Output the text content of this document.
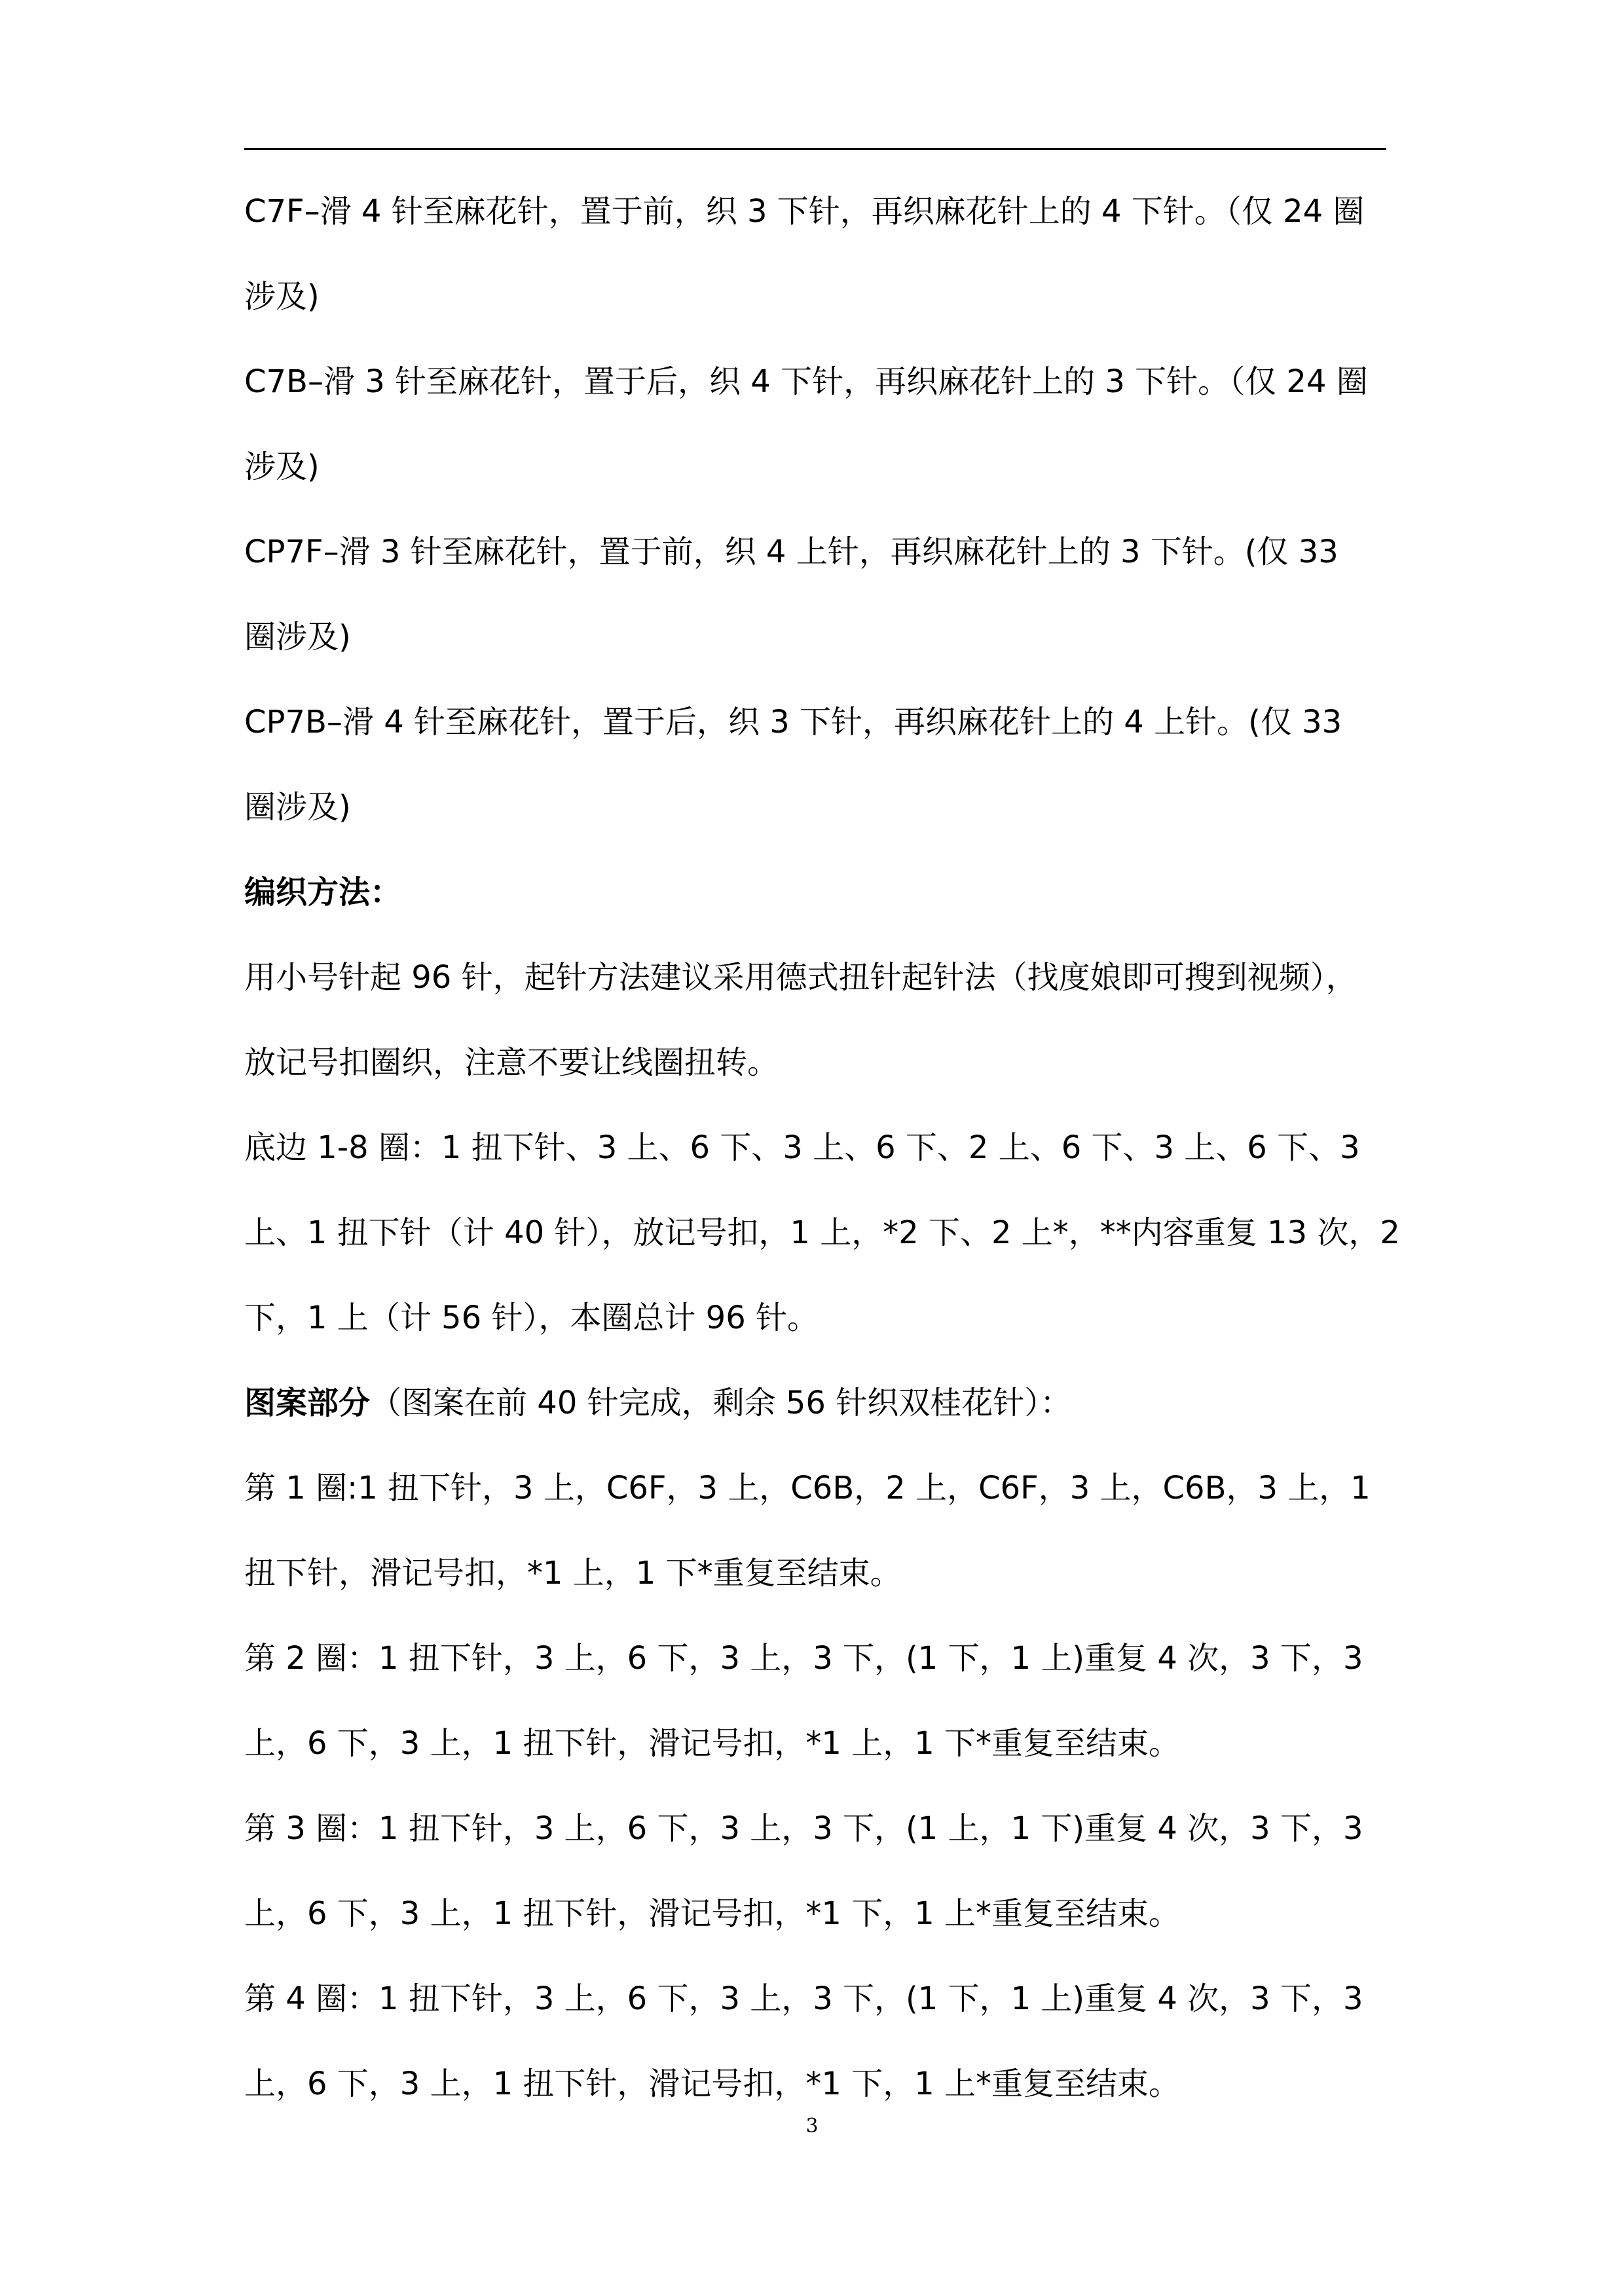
C7F–滑 4 针至麻花针，置于前，织 3 下针，再织麻花针上的 4 下针。（仅 24 圈
涉及)
C7B–滑 3 针至麻花针，置于后，织 4 下针，再织麻花针上的 3 下针。（仅 24 圈
涉及)
CP7F–滑 3 针至麻花针，置于前，织 4 上针，再织麻花针上的 3 下针。(仅 33
圈涉及)
CP7B–滑 4 针至麻花针，置于后，织 3 下针，再织麻花针上的 4 上针。(仅 33
圈涉及)
编织方法：
用小号针起 96 针，起针方法建议采用德式扭针起针法（找度娘即可搜到视频），
放记号扣圈织，注意不要让线圈扭转。
底边 1-8 圈：1 扭下针、3 上、6 下、3 上、6 下、2 上、6 下、3 上、6 下、3
上、1 扭下针（计 40 针），放记号扣，1 上，*2 下、2 上*，**内容重复 13 次，2
下，1 上（计 56 针），本圈总计 96 针。
图案部分（图案在前 40 针完成，剩余 56 针织双桂花针）：
第 1 圈:1 扭下针，3 上，C6F，3 上，C6B，2 上，C6F，3 上，C6B，3 上，1
扭下针，滑记号扣，*1 上，1 下*重复至结束。
第 2 圈：1 扭下针，3 上，6 下，3 上，3 下，(1 下，1 上)重复 4 次，3 下，3
上，6 下，3 上，1 扭下针，滑记号扣，*1 上，1 下*重复至结束。
第 3 圈：1 扭下针，3 上，6 下，3 上，3 下，(1 上，1 下)重复 4 次，3 下，3
上，6 下，3 上，1 扭下针，滑记号扣，*1 下，1 上*重复至结束。
第 4 圈：1 扭下针，3 上，6 下，3 上，3 下，(1 下，1 上)重复 4 次，3 下，3
上，6 下，3 上，1 扭下针，滑记号扣，*1 下，1 上*重复至结束。
3
